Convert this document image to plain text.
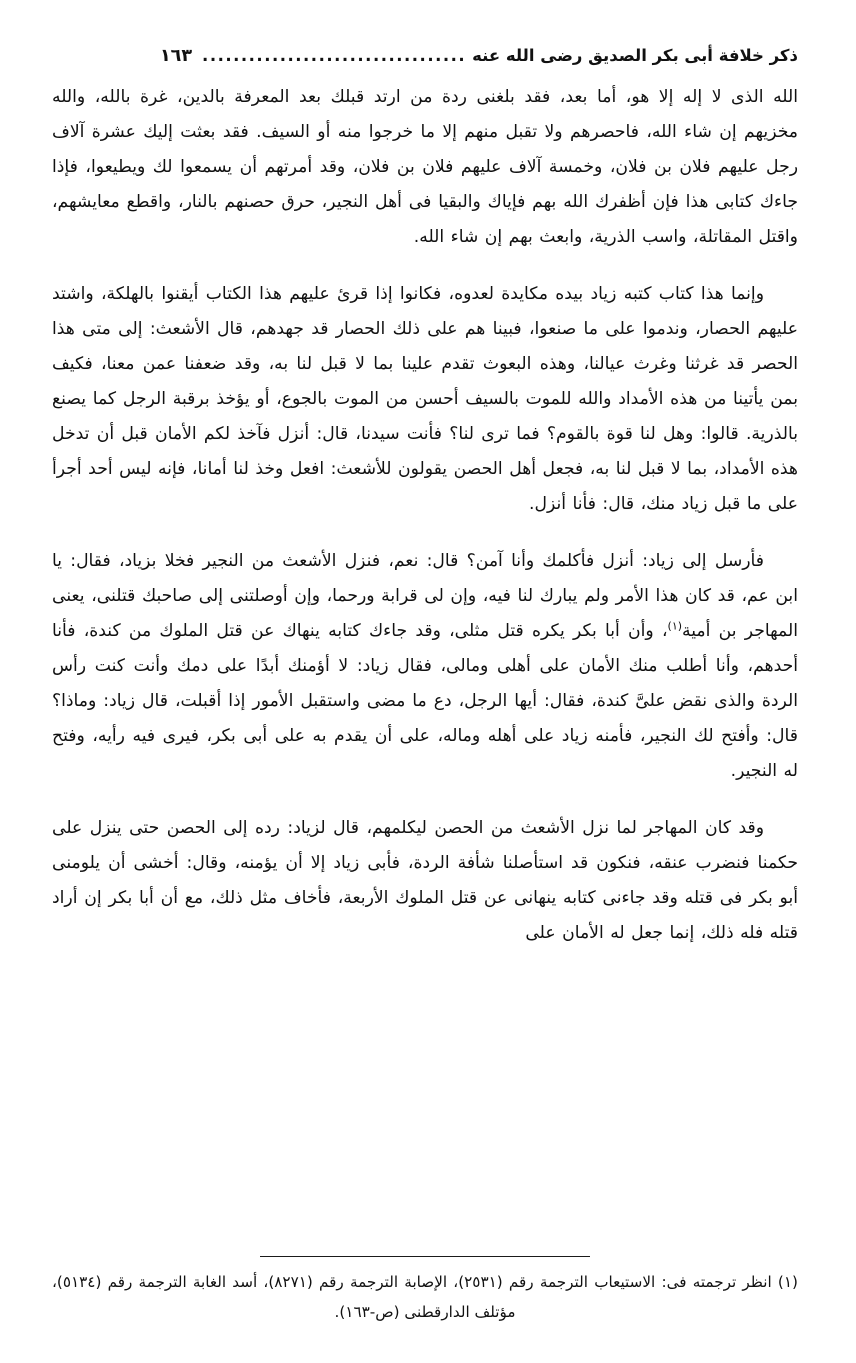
ذكر خلافة أبى بكر الصديق رضى الله عنه
..................................
١٦٣

الله الذى لا إله إلا هو، أما بعد، فقد بلغنى ردة من ارتد قبلك بعد المعرفة بالدين، غرة بالله، والله مخزيهم إن شاء الله، فاحصرهم ولا تقبل منهم إلا ما خرجوا منه أو السيف. فقد بعثت إليك عشرة آلاف رجل عليهم فلان بن فلان، وخمسة آلاف عليهم فلان بن فلان، وقد أمرتهم أن يسمعوا لك ويطيعوا، فإذا جاءك كتابى هذا فإن أظفرك الله بهم فإياك والبقيا فى أهل النجير، حرق حصنهم بالنار، واقطع معايشهم، واقتل المقاتلة، واسب الذرية، وابعث بهم إن شاء الله.

وإنما هذا كتاب كتبه زياد بيده مكايدة لعدوه، فكانوا إذا قرئ عليهم هذا الكتاب أيقنوا بالهلكة، واشتد عليهم الحصار، وندموا على ما صنعوا، فبينا هم على ذلك الحصار قد جهدهم، قال الأشعث: إلى متى هذا الحصر قد غرثنا وغرث عيالنا، وهذه البعوث تقدم علينا بما لا قبل لنا به، وقد ضعفنا عمن معنا، فكيف بمن يأتينا من هذه الأمداد والله للموت بالسيف أحسن من الموت بالجوع، أو يؤخذ برقبة الرجل كما يصنع بالذرية. قالوا: وهل لنا قوة بالقوم؟ فما ترى لنا؟ فأنت سيدنا، قال: أنزل فآخذ لكم الأمان قبل أن تدخل هذه الأمداد، بما لا قبل لنا به، فجعل أهل الحصن يقولون للأشعث: افعل وخذ لنا أمانا، فإنه ليس أحد أجرأ على ما قبل زياد منك، قال: فأنا أنزل.

فأرسل إلى زياد: أنزل فأكلمك وأنا آمن؟ قال: نعم، فنزل الأشعث من النجير فخلا بزياد، فقال: يا ابن عم، قد كان هذا الأمر ولم يبارك لنا فيه، وإن لى قرابة ورحما، وإن أوصلتنى إلى صاحبك قتلنى، يعنى المهاجر بن أمية$^{(١)}$، وأن أبا بكر يكره قتل مثلى، وقد جاءك كتابه ينهاك عن قتل الملوك من كندة، فأنا أحدهم، وأنا أطلب منك الأمان على أهلى ومالى، فقال زياد: لا أؤمنك أبدًا على دمك وأنت كنت رأس الردة والذى نقض علىَّ كندة، فقال: أيها الرجل، دع ما مضى واستقبل الأمور إذا أقبلت، قال زياد: وماذا؟ قال: وأفتح لك النجير، فأمنه زياد على أهله وماله، على أن يقدم به على أبى بكر، فيرى فيه رأيه، وفتح له النجير.

وقد كان المهاجر لما نزل الأشعث من الحصن ليكلمهم، قال لزياد: رده إلى الحصن حتى ينزل على حكمنا فنضرب عنقه، فنكون قد استأصلنا شأفة الردة، فأبى زياد إلا أن يؤمنه، وقال: أخشى أن يلومنى أبو بكر فى قتله وقد جاءنى كتابه ينهانى عن قتل الملوك الأربعة، فأخاف مثل ذلك، مع أن أبا بكر إن أراد قتله فله ذلك، إنما جعل له الأمان على

(١) انظر ترجمته فى: الاستيعاب الترجمة رقم (٢٥٣١)، الإصابة الترجمة رقم (٨٢٧١)، أسد الغابة الترجمة رقم (٥١٣٤)، مؤتلف الدارقطنى (ص-١٦٣).
